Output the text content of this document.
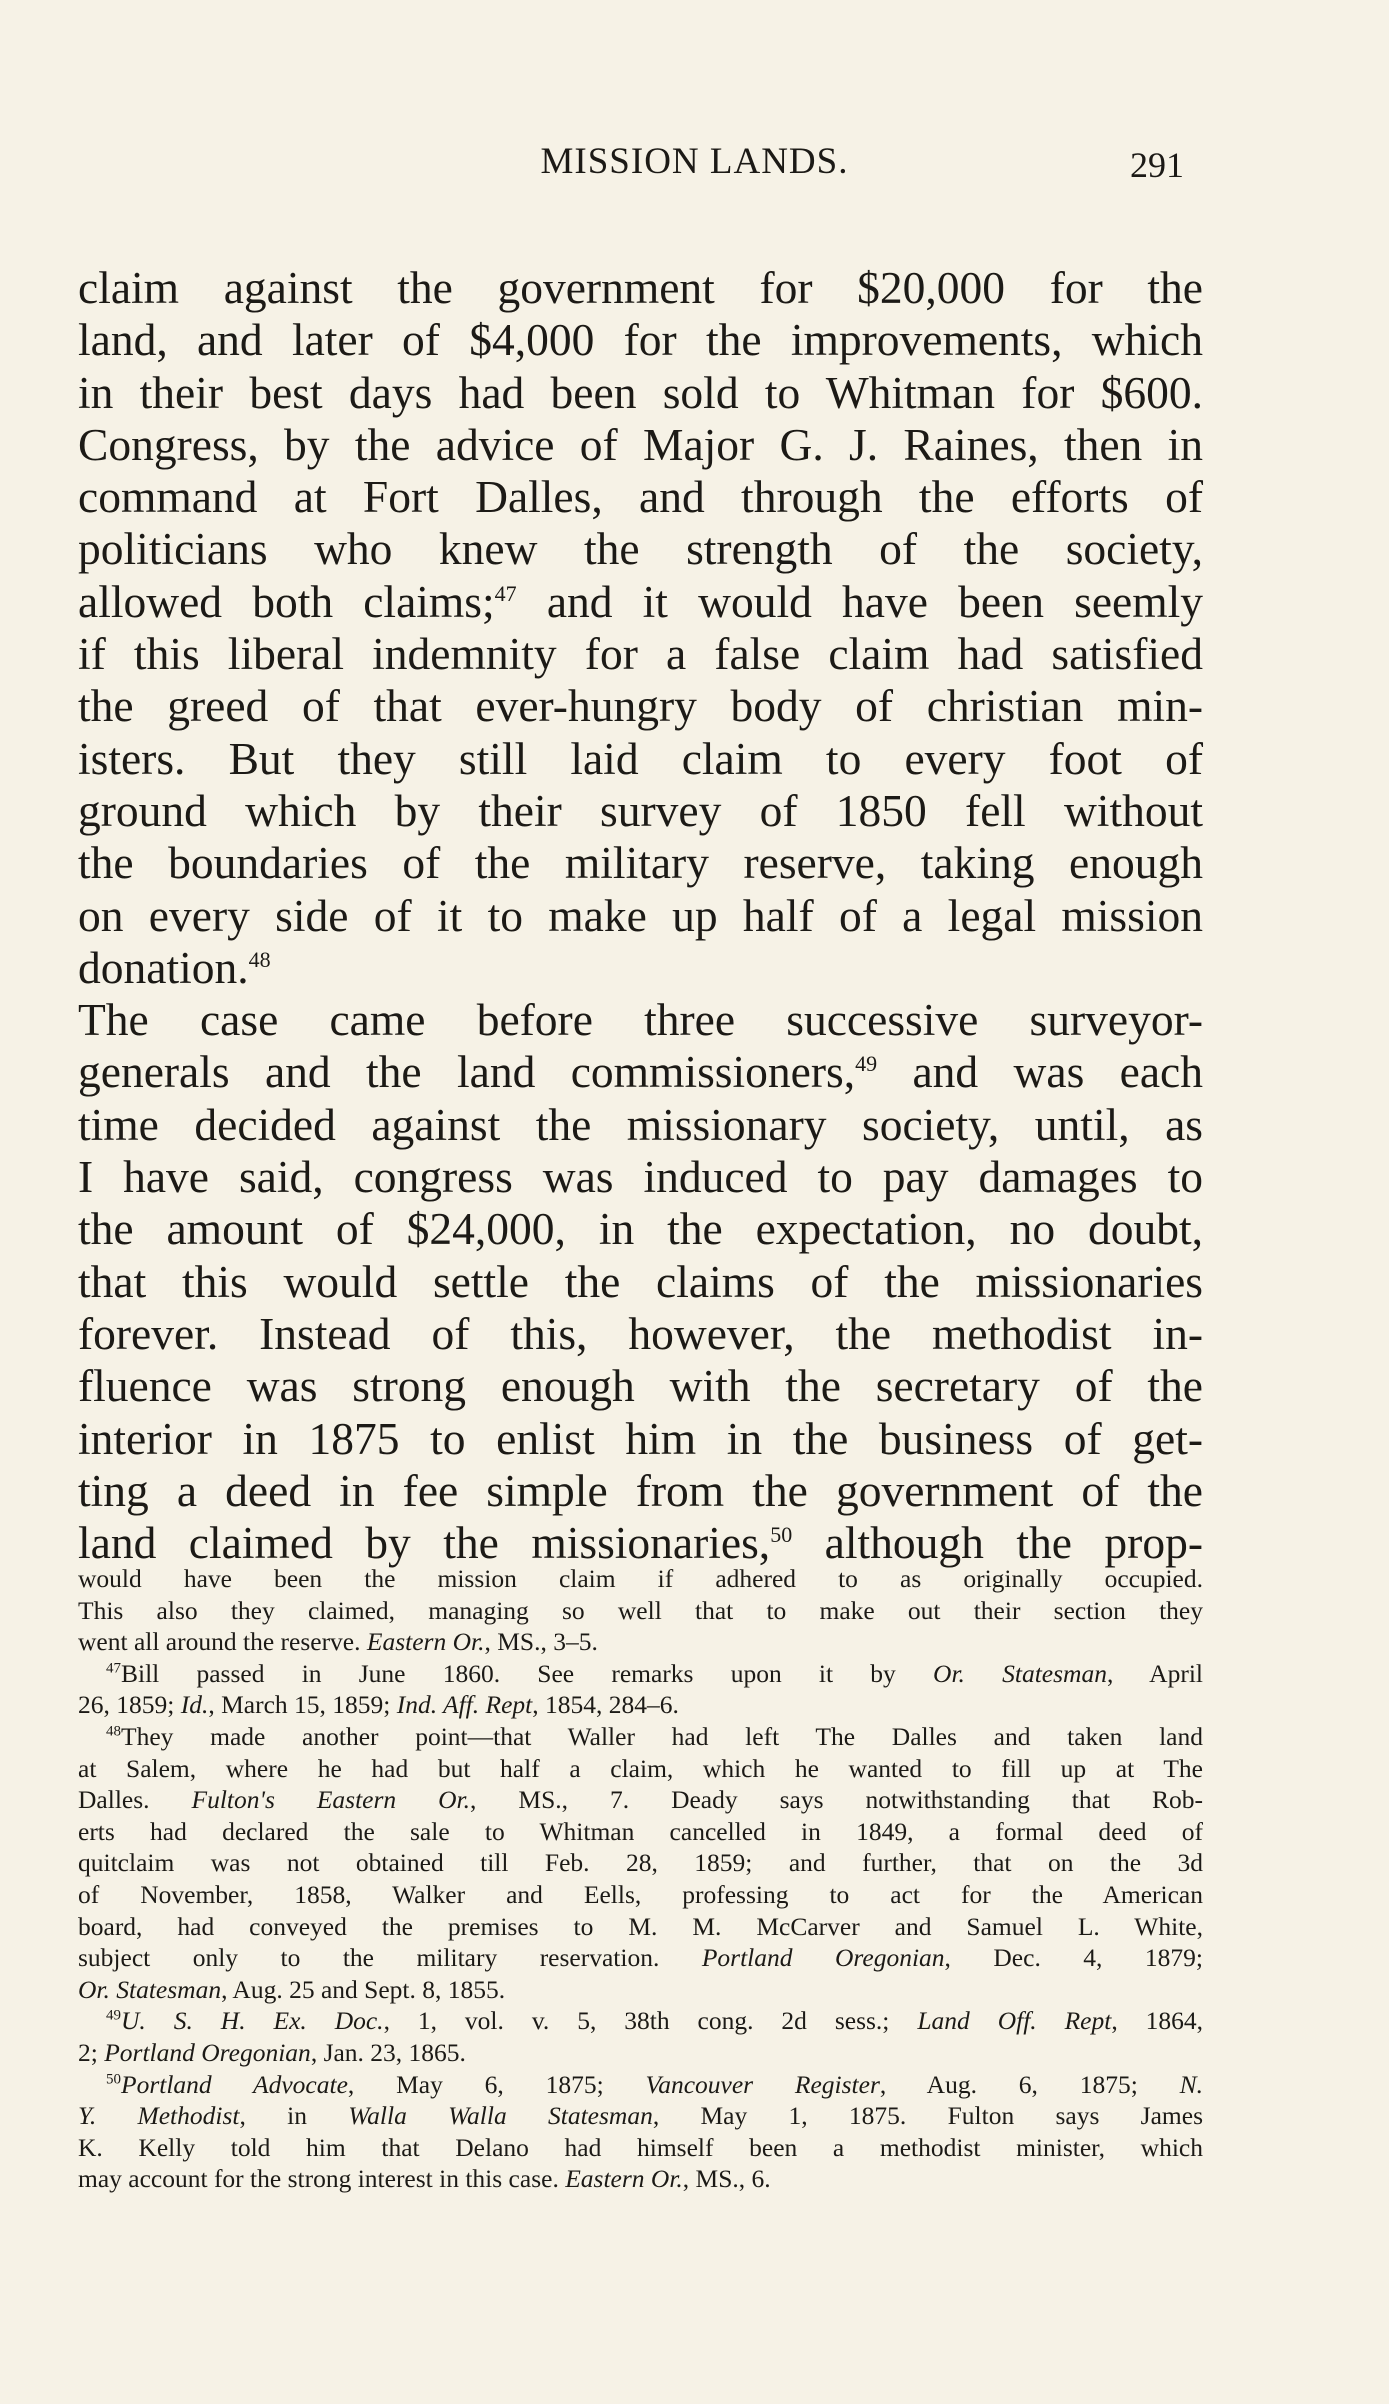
MISSION LANDS.	291
claim against the government for $20,000 for the
land, and later of $4,000 for the improvements, which
in their best days had been sold to Whitman for $600.
Congress, by the advice of Major G. J. Raines, then in
command at Fort Dalles, and through the efforts of
politicians who knew the strength of the society,
allowed both claims;$^{47}$ and it would have been seemly
if this liberal indemnity for a false claim had satisfied
the greed of that ever-hungry body of christian min-
isters. But they still laid claim to every foot of
ground which by their survey of 1850 fell without
the boundaries of the military reserve, taking enough
on every side of it to make up half of a legal mission
donation.$^{48}$
The case came before three successive surveyor-
generals and the land commissioners,$^{49}$ and was each
time decided against the missionary society, until, as
I have said, congress was induced to pay damages to
the amount of $24,000, in the expectation, no doubt,
that this would settle the claims of the missionaries
forever. Instead of this, however, the methodist in-
fluence was strong enough with the secretary of the
interior in 1875 to enlist him in the business of get-
ting a deed in fee simple from the government of the
land claimed by the missionaries,$^{50}$ although the prop-
would have been the mission claim if adhered to as originally occupied.
This also they claimed, managing so well that to make out their section they
went all around the reserve. Eastern Or., MS., 3–5.
$^{47}$Bill passed in June 1860. See remarks upon it by Or. Statesman, April
26, 1859; Id., March 15, 1859; Ind. Aff. Rept, 1854, 284–6.
$^{48}$They made another point—that Waller had left The Dalles and taken land
at Salem, where he had but half a claim, which he wanted to fill up at The
Dalles. Fulton's Eastern Or., MS., 7. Deady says notwithstanding that Rob-
erts had declared the sale to Whitman cancelled in 1849, a formal deed of
quitclaim was not obtained till Feb. 28, 1859; and further, that on the 3d
of November, 1858, Walker and Eells, professing to act for the American
board, had conveyed the premises to M. M. McCarver and Samuel L. White,
subject only to the military reservation. Portland Oregonian, Dec. 4, 1879;
Or. Statesman, Aug. 25 and Sept. 8, 1855.
$^{49}$U. S. H. Ex. Doc., 1, vol. v. 5, 38th cong. 2d sess.; Land Off. Rept, 1864,
2; Portland Oregonian, Jan. 23, 1865.
$^{50}$Portland Advocate, May 6, 1875; Vancouver Register, Aug. 6, 1875; N.
Y. Methodist, in Walla Walla Statesman, May 1, 1875. Fulton says James
K. Kelly told him that Delano had himself been a methodist minister, which
may account for the strong interest in this case. Eastern Or., MS., 6.
